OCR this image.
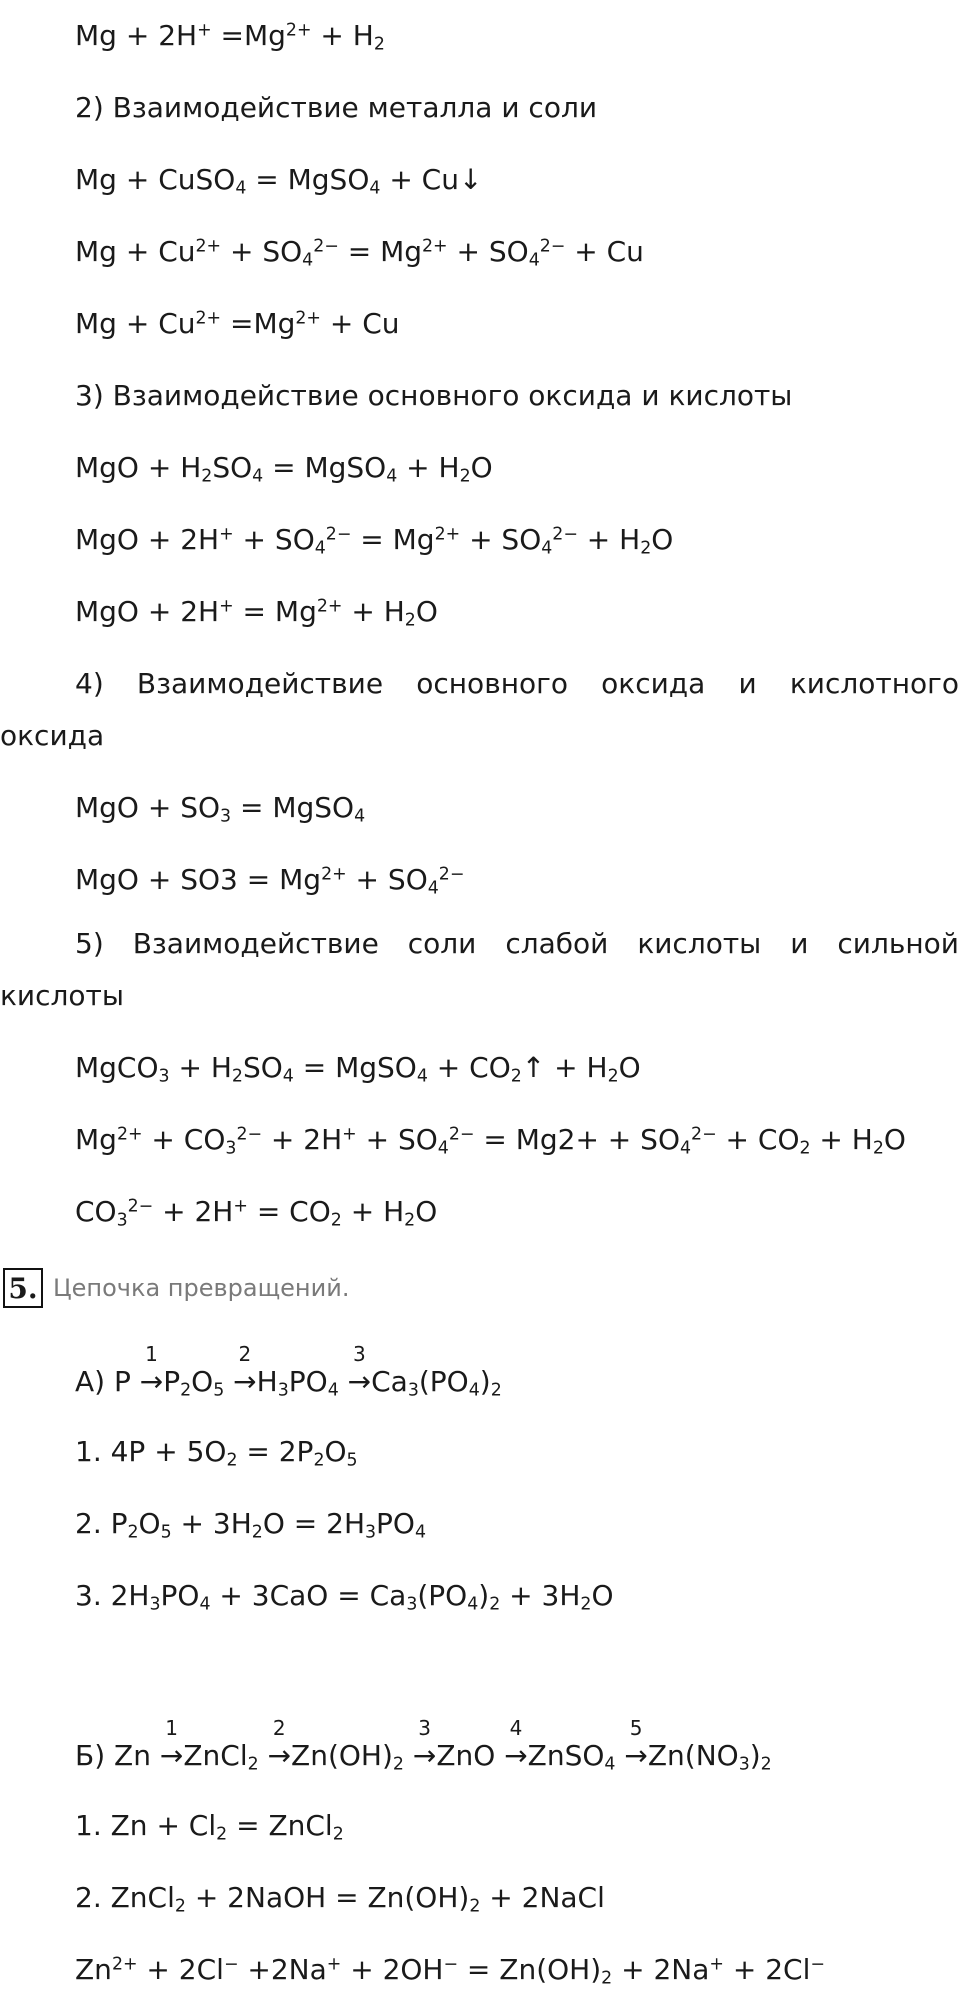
$Mg + 2H^+ =Mg^{2+} + H_2$
2) Взаимодействие металла и соли
Mg + CuSO$_4$ = MgSO$_4$ + Cu↓
$Mg + Cu^{2+} + SO_4^{2-} = Mg^{2+} + SO_4^{2-} + Cu$
$Mg + Cu^{2+} =Mg^{2+} + Cu$
3) Взаимодействие основного оксида и кислоты
MgO + $H_2SO_4$ = MgSO$_4$ + $H_2O$
MgO + $2H^+ + SO_4^{2-} = Mg^{2+} + SO_4^{2-} + H_2O$
MgO + $2H^+ = Mg^{2+} + H_2O$
4) Взаимодействие основного оксида и кислотного
оксида
MgO + $SO_3$ = MgSO$_4$
MgO + $SO3 = Mg^{2+} + SO_4^{2-}$
5) Взаимодействие соли слабой кислоты и сильной
кислоты
MgCO$_3$ + $H_2SO_4$ = MgSO$_4$ + $CO_2↑ + H_2O$
$Mg^{2+} + CO_3^{2-} + 2H^+ + SO_4^{2-} = Mg2+ + SO_4^{2-} + CO_2 + H_2O$
$CO_3^{2-} + 2H^+ = CO_2 + H_2O$
А) P →
1
$P_2O_5$ →
2
$H_3PO_4$ →
3
$Ca_3(PO_4)_2$
1. $4P + 5O_2 = 2P_2O_5$
2. $P_2O_5 + 3H_2O = 2H_3PO_4$
3. $2H_3PO_4 + 3CaO = Ca_3(PO_4)_2 + 3H_2O$
Б) Zn →
1
ZnCl$_2$ →
2
$Zn(OH)_2$ →
3
ZnO →
4
ZnSO$_4$ →
5
$Zn(NO_3)_2$
1. $Zn + Cl_2$ = ZnCl$_2$
2. ZnCl$_2$ + 2NaOH = $Zn(OH)_2$ + 2NaCl
$Zn^{2+} + 2Cl^- +2Na^+ + 2OH^- = Zn(OH)_2 + 2Na^+ + 2Cl^-$
5. Цепочка превращений.
